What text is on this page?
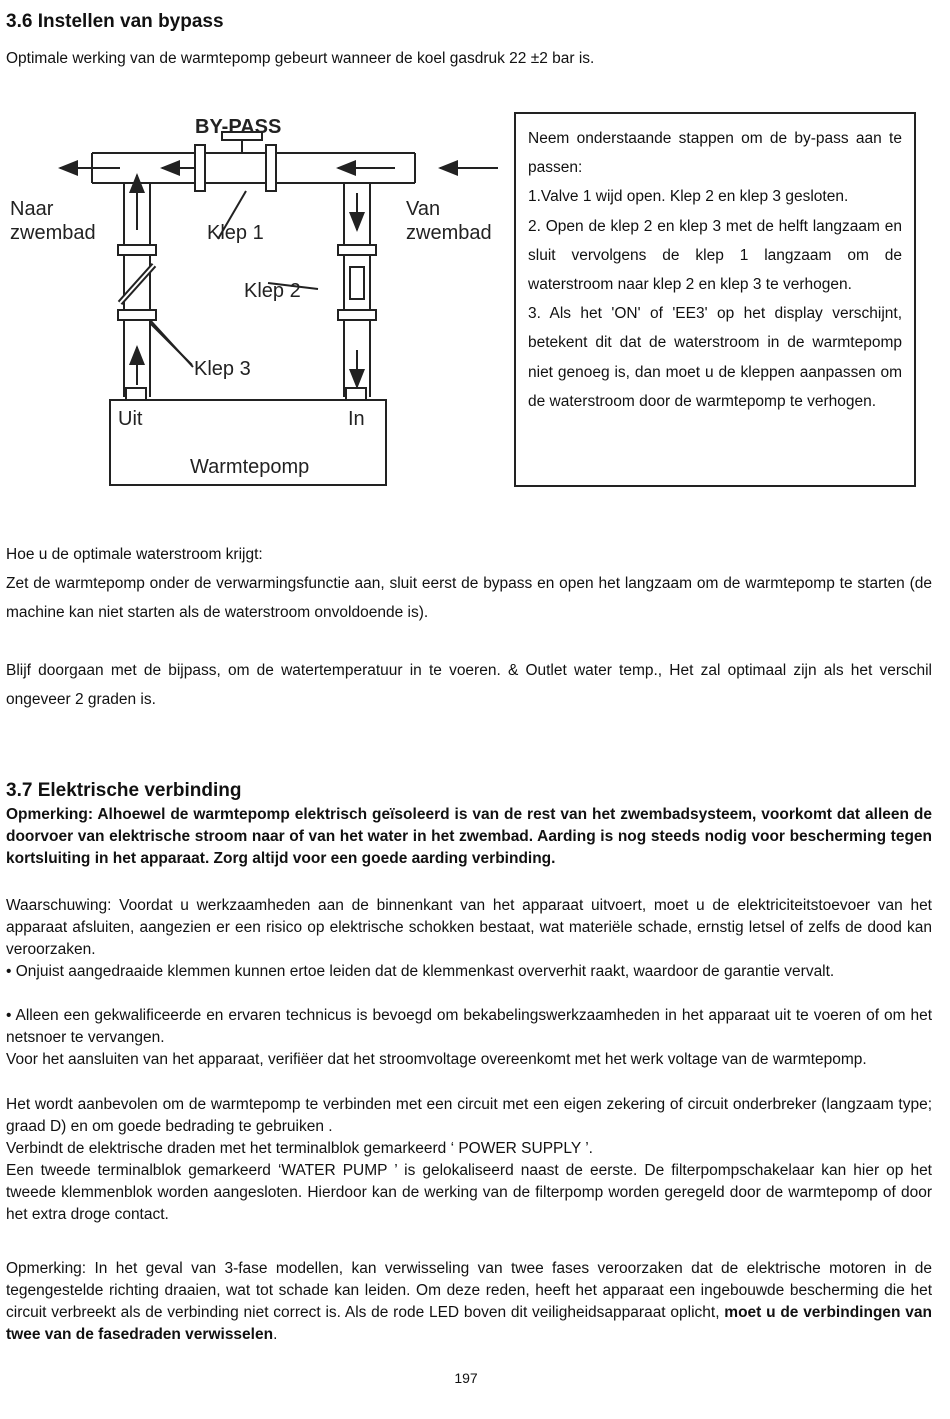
3.6 Instellen van bypass
Optimale werking van de warmtepomp gebeurt wanneer de koel gasdruk 22 ±2 bar is.
BY-PASS
Naar
zwembad
Van
zwembad
Klep 1
Klep 2
Klep 3
Uit	In
Warmtepomp
Neem onderstaande stappen om de by-pass aan te passen:
1.Valve 1 wijd open. Klep 2 en klep 3 gesloten.
2. Open de klep 2 en klep 3 met de helft langzaam en sluit vervolgens de klep 1 langzaam om de waterstroom naar klep 2 en klep 3 te verhogen.
3. Als het 'ON' of 'EE3' op het display verschijnt, betekent dit dat de waterstroom in de warmtepomp niet genoeg is, dan moet u de kleppen aanpassen om de waterstroom door de warmtepomp te verhogen.
Hoe u de optimale waterstroom krijgt:
Zet de warmtepomp onder de verwarmingsfunctie aan, sluit eerst de bypass en open het langzaam om de warmtepomp te starten (de machine kan niet starten als de waterstroom onvoldoende is).
Blijf doorgaan met de bijpass, om de watertemperatuur in te voeren. & Outlet water temp., Het zal optimaal zijn als het verschil ongeveer 2 graden is.
3.7 Elektrische verbinding
Opmerking: Alhoewel de warmtepomp elektrisch geïsoleerd is van de rest van het zwembadsysteem, voorkomt dat alleen de doorvoer van elektrische stroom naar of van het water in het zwembad. Aarding is nog steeds nodig voor bescherming tegen kortsluiting in het apparaat. Zorg altijd voor een goede aarding verbinding.
Waarschuwing: Voordat u werkzaamheden aan de binnenkant van het apparaat uitvoert, moet u de elektriciteitstoevoer van het apparaat afsluiten, aangezien er een risico op elektrische schokken bestaat, wat materiële schade, ernstig letsel of zelfs de dood kan veroorzaken.
• Onjuist aangedraaide klemmen kunnen ertoe leiden dat de klemmenkast oververhit raakt, waardoor de garantie vervalt.
• Alleen een gekwalificeerde en ervaren technicus is bevoegd om bekabelingswerkzaamheden in het apparaat uit te voeren of om het netsnoer te vervangen.
Voor het aansluiten van het apparaat, verifiëer dat het stroomvoltage overeenkomt met het werk voltage van de warmtepomp.
Het wordt aanbevolen om de warmtepomp te verbinden met een circuit met een eigen zekering of circuit onderbreker (langzaam type; graad D) en om goede bedrading te gebruiken .
Verbindt de elektrische draden met het terminalblok gemarkeerd ‘ POWER SUPPLY ’.
Een tweede terminalblok gemarkeerd ‘WATER PUMP ’ is gelokaliseerd naast de eerste. De filterpompschakelaar kan hier op het tweede klemmenblok worden aangesloten. Hierdoor kan de werking van de filterpomp worden geregeld door de warmtepomp of door het extra droge contact.
Opmerking: In het geval van 3-fase modellen, kan verwisseling van twee fases veroorzaken dat de elektrische motoren in de tegengestelde richting draaien, wat tot schade kan leiden. Om deze reden, heeft het apparaat een ingebouwde bescherming die het circuit verbreekt als de verbinding niet correct is. Als de rode LED boven dit veiligheidsapparaat oplicht, moet u de verbindingen van twee van de fasedraden verwisselen.
197
